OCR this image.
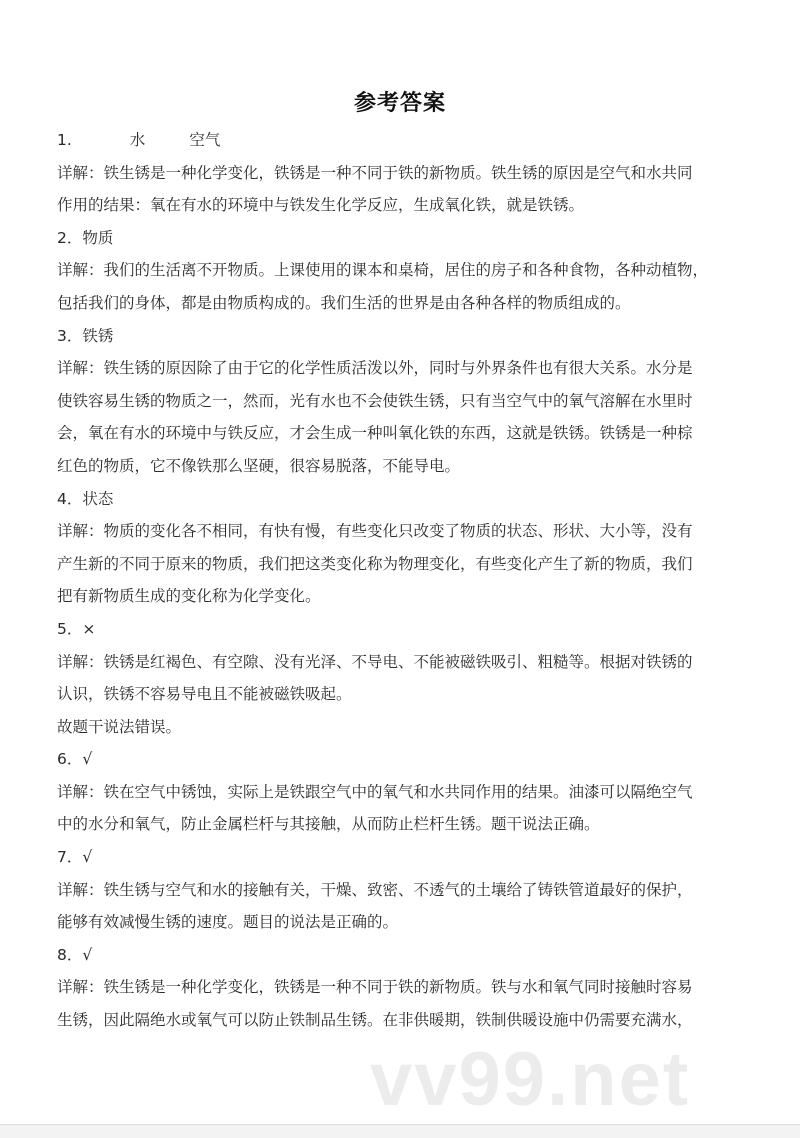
参考答案
1.	水	空气
详解：铁生锈是一种化学变化，铁锈是一种不同于铁的新物质。铁生锈的原因是空气和水共同
作用的结果：氧在有水的环境中与铁发生化学反应，生成氧化铁，就是铁锈。
2．物质
详解：我们的生活离不开物质。上课使用的课本和桌椅，居住的房子和各种食物，各种动植物，
包括我们的身体，都是由物质构成的。我们生活的世界是由各种各样的物质组成的。
3．铁锈
详解：铁生锈的原因除了由于它的化学性质活泼以外，同时与外界条件也有很大关系。水分是
使铁容易生锈的物质之一，然而，光有水也不会使铁生锈，只有当空气中的氧气溶解在水里时
会，氧在有水的环境中与铁反应，才会生成一种叫氧化铁的东西，这就是铁锈。铁锈是一种棕
红色的物质，它不像铁那么坚硬，很容易脱落，不能导电。
4．状态
详解：物质的变化各不相同，有快有慢，有些变化只改变了物质的状态、形状、大小等，没有
产生新的不同于原来的物质，我们把这类变化称为物理变化，有些变化产生了新的物质，我们
把有新物质生成的变化称为化学变化。
5．×
详解：铁锈是红褐色、有空隙、没有光泽、不导电、不能被磁铁吸引、粗糙等。根据对铁锈的
认识，铁锈不容易导电且不能被磁铁吸起。
故题干说法错误。
6．√
详解：铁在空气中锈蚀，实际上是铁跟空气中的氧气和水共同作用的结果。油漆可以隔绝空气
中的水分和氧气，防止金属栏杆与其接触，从而防止栏杆生锈。题干说法正确。
7．√
详解：铁生锈与空气和水的接触有关，干燥、致密、不透气的土壤给了铸铁管道最好的保护，
能够有效减慢生锈的速度。题目的说法是正确的。
8．√
详解：铁生锈是一种化学变化，铁锈是一种不同于铁的新物质。铁与水和氧气同时接触时容易
生锈，因此隔绝水或氧气可以防止铁制品生锈。在非供暖期，铁制供暖设施中仍需要充满水，
vv99.net
